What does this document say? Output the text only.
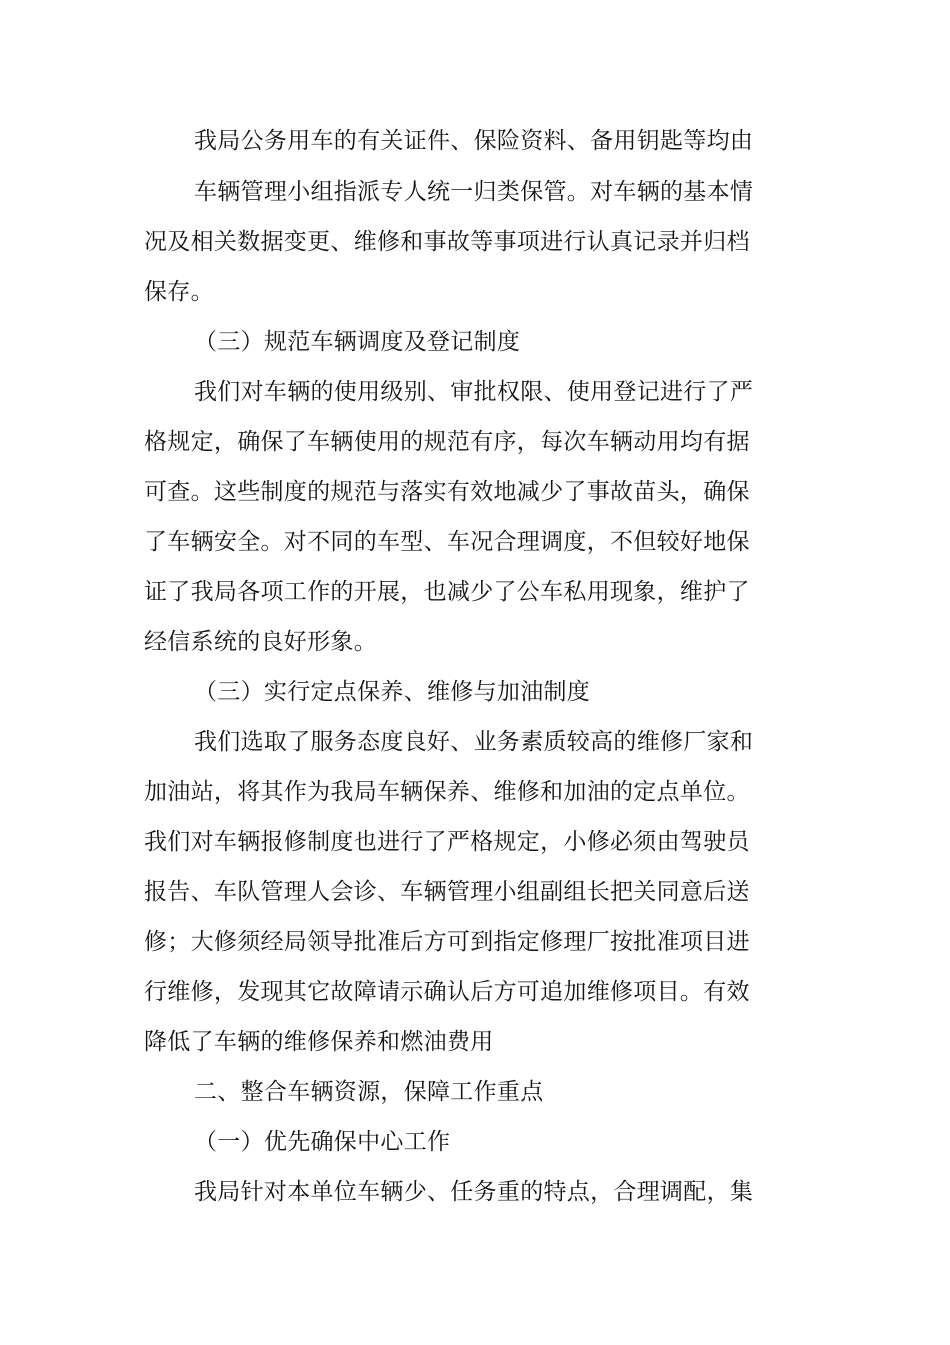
我局公务用车的有关证件、保险资料、备用钥匙等均由
车辆管理小组指派专人统一归类保管。对车辆的基本情
况及相关数据变更、维修和事故等事项进行认真记录并归档
保存。
（三）规范车辆调度及登记制度
我们对车辆的使用级别、审批权限、使用登记进行了严
格规定，确保了车辆使用的规范有序，每次车辆动用均有据
可查。这些制度的规范与落实有效地减少了事故苗头，确保
了车辆安全。对不同的车型、车况合理调度，不但较好地保
证了我局各项工作的开展，也减少了公车私用现象，维护了
经信系统的良好形象。
（三）实行定点保养、维修与加油制度
我们选取了服务态度良好、业务素质较高的维修厂家和
加油站，将其作为我局车辆保养、维修和加油的定点单位。
我们对车辆报修制度也进行了严格规定，小修必须由驾驶员
报告、车队管理人会诊、车辆管理小组副组长把关同意后送
修；大修须经局领导批准后方可到指定修理厂按批准项目进
行维修，发现其它故障请示确认后方可追加维修项目。有效
降低了车辆的维修保养和燃油费用
二、整合车辆资源，保障工作重点
（一）优先确保中心工作
我局针对本单位车辆少、任务重的特点，合理调配，集
